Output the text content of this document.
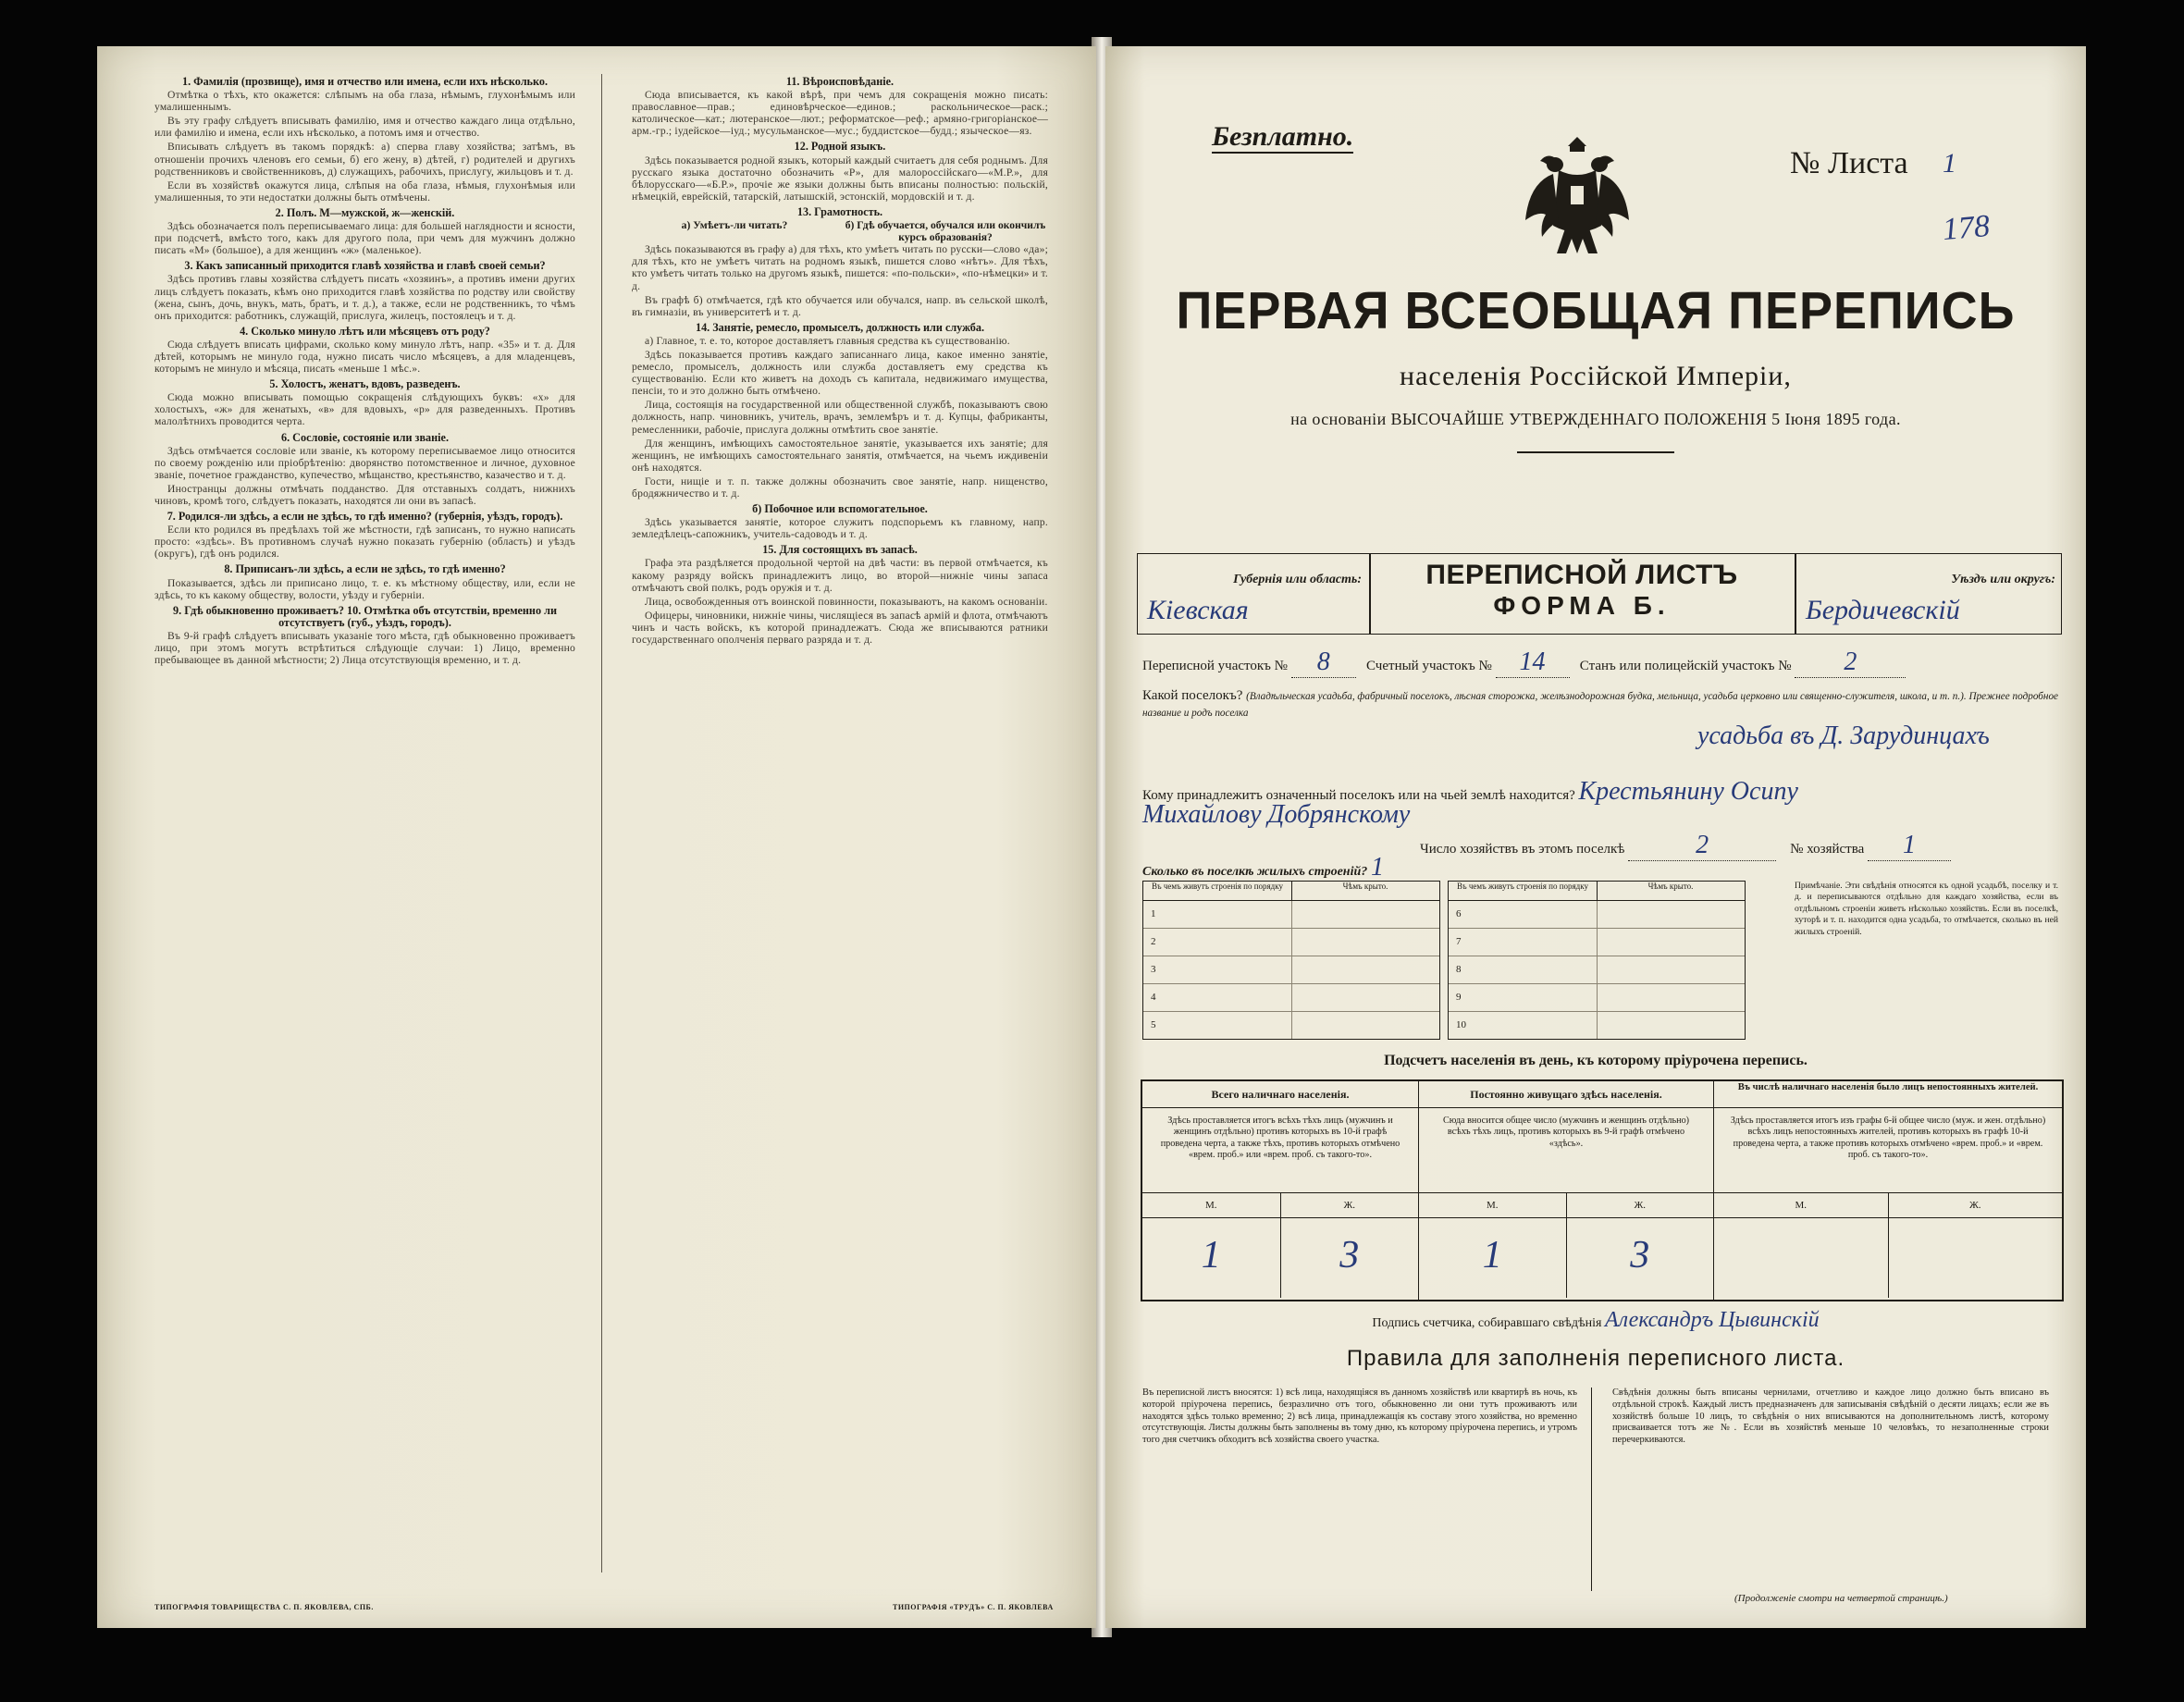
1. Фамилія (прозвище), имя и отчество или имена, если ихъ нѣсколько.

Отмѣтка о тѣхъ, кто окажется: слѣпымъ на оба глаза, нѣмымъ, глухонѣмымъ или умалишеннымъ.

Въ эту графу слѣдуетъ вписывать фамилію, имя и отчество каждаго лица отдѣльно, или фамилію и имена, если ихъ нѣсколько, а потомъ имя и отчество.

Вписывать слѣдуетъ въ такомъ порядкѣ: а) сперва главу хозяйства; затѣмъ, въ отношеніи прочихъ членовъ его семьи, б) его жену, в) дѣтей, г) родителей и другихъ родственниковъ и свойственниковъ, д) служащихъ, рабочихъ, прислугу, жильцовъ и т. д.

Если въ хозяйствѣ окажутся лица, слѣпыя на оба глаза, нѣмыя, глухонѣмыя или умалишенныя, то эти недостатки должны быть отмѣчены.

2. Полъ. М—мужской, ж—женскій.

Здѣсь обозначается полъ переписываемаго лица: для большей наглядности и ясности, при подсчетѣ, вмѣсто того, какъ для другого пола, при чемъ для мужчинъ должно писать «М» (большое), а для женщинъ «ж» (маленькое).

3. Какъ записанный приходится главѣ хозяйства и главѣ своей семьи?

Здѣсь противъ главы хозяйства слѣдуетъ писать «хозяинъ», а противъ имени других лицъ слѣдуетъ показать, кѣмъ оно приходится главѣ хозяйства по родству или свойству (жена, сынъ, дочь, внукъ, мать, братъ, и т. д.), а также, если не родственникъ, то чѣмъ онъ приходится: работникъ, служащій, прислуга, жилецъ, постоялецъ и т. д.

4. Сколько минуло лѣтъ или мѣсяцевъ отъ роду?

Сюда слѣдуетъ вписать цифрами, сколько кому минуло лѣтъ, напр. «35» и т. д. Для дѣтей, которымъ не минуло года, нужно писать число мѣсяцевъ, а для младенцевъ, которымъ не минуло и мѣсяца, писать «меньше 1 мѣс.».

5. Холостъ, женатъ, вдовъ, разведенъ.

Сюда можно вписывать помощью сокращенія слѣдующихъ буквъ: «х» для холостыхъ, «ж» для женатыхъ, «в» для вдовыхъ, «р» для разведенныхъ. Противъ малолѣтнихъ проводится черта.

6. Сословіе, состояніе или званіе.

Здѣсь отмѣчается сословіе или званіе, къ которому переписываемое лицо относится по своему рожденію или пріобрѣтенію: дворянство потомственное и личное, духовное званіе, почетное гражданство, купечество, мѣщанство, крестьянство, казачество и т. д.

Иностранцы должны отмѣчать подданство. Для отставныхъ солдатъ, нижнихъ чиновъ, кромѣ того, слѣдуетъ показать, находятся ли они въ запасѣ.

7. Родился-ли здѣсь, а если не здѣсь, то гдѣ именно? (губернія, уѣздъ, городъ).

Если кто родился въ предѣлахъ той же мѣстности, гдѣ записанъ, то нужно написать просто: «здѣсь». Въ противномъ случаѣ нужно показать губернію (область) и уѣздъ (округъ), гдѣ онъ родился.

8. Приписанъ-ли здѣсь, а если не здѣсь, то гдѣ именно?

Показывается, здѣсь ли приписано лицо, т. е. къ мѣстному обществу, или, если не здѣсь, то къ какому обществу, волости, уѣзду и губерніи.

9. Гдѣ обыкновенно проживаетъ? 10. Отмѣтка объ отсутствіи, временно ли отсутствуетъ (губ., уѣздъ, городъ).

Въ 9-й графѣ слѣдуетъ вписывать указаніе того мѣста, гдѣ обыкновенно проживаетъ лицо, при этомъ могутъ встрѣтиться слѣдующіе случаи: 1) Лицо, временно пребывающее въ данной мѣстности; 2) Лица отсутствующія временно, и т. д.

11. Вѣроисповѣданіе.

Сюда вписывается, къ какой вѣрѣ, при чемъ для сокращенія можно писать: православное—прав.; единовѣрческое—единов.; раскольническое—раск.; католическое—кат.; лютеранское—лют.; реформатское—реф.; армяно-григоріанское—арм.-гр.; іудейское—іуд.; мусульманское—мус.; буддистское—будд.; языческое—яз.

12. Родной языкъ.

Здѣсь показывается родной языкъ, который каждый считаетъ для себя роднымъ. Для русскаго языка достаточно обозначить «Р», для малороссійскаго—«М.Р.», для бѣлорусскаго—«Б.Р.», прочіе же языки должны быть вписаны полностью: польскій, нѣмецкій, еврейскій, татарскій, латышскій, эстонскій, мордовскій и т. д.

13. Грамотность.
а) Умѣетъ-ли читать?	б) Гдѣ обучается, обучался или окончилъ курсъ образованія?

Здѣсь показываются въ графу а) для тѣхъ, кто умѣетъ читать по русски—слово «да»; для тѣхъ, кто не умѣетъ читать на родномъ языкѣ, пишется слово «нѣтъ». Для тѣхъ, кто умѣетъ читать только на другомъ языкѣ, пишется: «по-польски», «по-нѣмецки» и т. д.

Въ графѣ б) отмѣчается, гдѣ кто обучается или обучался, напр. въ сельской школѣ, въ гимназіи, въ университетѣ и т. д.

14. Занятіе, ремесло, промыселъ, должность или служба.

а) Главное, т. е. то, которое доставляетъ главныя средства къ существованію.

Здѣсь показывается противъ каждаго записаннаго лица, какое именно занятіе, ремесло, промыселъ, должность или служба доставляетъ ему средства къ существованію. Если кто живетъ на доходъ съ капитала, недвижимаго имущества, пенсіи, то и это должно быть отмѣчено.

Лица, состоящія на государственной или общественной службѣ, показываютъ свою должность, напр. чиновникъ, учитель, врачъ, землемѣръ и т. д. Купцы, фабриканты, ремесленники, рабочіе, прислуга должны отмѣтить свое занятіе.

Для женщинъ, имѣющихъ самостоятельное занятіе, указывается ихъ занятіе; для женщинъ, не имѣющихъ самостоятельнаго занятія, отмѣчается, на чьемъ иждивеніи онѣ находятся.

Гости, нищіе и т. п. также должны обозначить свое занятіе, напр. нищенство, бродяжничество и т. д.

б) Побочное или вспомогательное.

Здѣсь указывается занятіе, которое служитъ подспорьемъ къ главному, напр. земледѣлецъ-сапожникъ, учитель-садоводъ и т. д.

15. Для состоящихъ въ запасѣ.

Графа эта раздѣляется продольной чертой на двѣ части: въ первой отмѣчается, къ какому разряду войскъ принадлежитъ лицо, во второй—нижніе чины запаса отмѣчаютъ свой полкъ, родъ оружія и т. д.

Лица, освобожденныя отъ воинской повинности, показываютъ, на какомъ основаніи.

Офицеры, чиновники, нижніе чины, числящіеся въ запасѣ армій и флота, отмѣчаютъ чинъ и часть войскъ, къ которой принадлежатъ. Сюда же вписываются ратники государственнаго ополченія перваго разряда и т. д.

ТИПОГРАФІЯ ТОВАРИЩЕСТВА С. П. ЯКОВЛЕВА, СПБ.	ТИПОГРАФІЯ «ТРУДЪ» С. П. ЯКОВЛЕВА
Безплатно.
№ Листа 1
178
ПЕРВАЯ ВСЕОБЩАЯ ПЕРЕПИСЬ
населенія Россійской Имперіи,
на основаніи ВЫСОЧАЙШЕ УТВЕРЖДЕННАГО ПОЛОЖЕНІЯ 5 Іюня 1895 года.
Губернія или область:
Кіевская
ПЕРЕПИСНОЙ ЛИСТЪ
ФОРМА Б.
Уѣздъ или округъ:
Бердичевскій
Переписной участокъ № 8	Счетный участокъ № 14 Станъ или полицейскій участокъ № 2
Какой поселокъ? (Владѣльческая усадьба, фабричный поселокъ, лѣсная сторожка, желѣзнодорожная будка, мельница, усадьба церковно или священно-служителя, школа, и т. п.). Прежнее подробное название и родъ поселка
усадьба въ Д. Зарудинцахъ
Кому принадлежитъ означенный поселокъ или на чьей землѣ находится? Крестьянину Осипу
Михайлову Добрянскому
Число хозяйствъ въ этомъ поселкѣ	2	№ хозяйства 1
Сколько въ поселкѣ жилыхъ строеній? 1
Въ чемъ живутъ строенія по порядку	Чѣмъ крыто.
1
2
3
4
5
Въ чемъ живутъ строенія по порядку	Чѣмъ крыто.
6
7
8
9
10
Примѣчаніе. Эти свѣдѣнія относятся къ одной усадьбѣ, поселку и т. д. и переписываются отдѣльно для каждаго хозяйства, если въ отдѣльномъ строеніи живетъ нѣсколько хозяйствъ. Если въ поселкѣ, хуторѣ и т. п. находится одна усадьба, то отмѣчается, сколько въ ней жилыхъ строеній.
Подсчетъ населенія въ день, къ которому пріурочена перепись.
Всего наличнаго населенія.
Здѣсь проставляется итогъ всѣхъ тѣхъ лицъ (мужчинъ и женщинъ отдѣльно) противъ которыхъ въ 10-й графѣ проведена черта, а также тѣхъ, противъ которыхъ отмѣчено «врем. проб.» или «врем. проб. съ такого-то».
М.	Ж.
1	3
Постоянно живущаго здѣсь населенія.
Сюда вносится общее число (мужчинъ и женщинъ отдѣльно) всѣхъ тѣхъ лицъ, противъ которыхъ въ 9-й графѣ отмѣчено «здѣсь».
М.	Ж.
1	3
Въ числѣ наличнаго населенія было лицъ непостоянныхъ жителей.
Здѣсь проставляется итогъ изъ графы 6-й общее число (муж. и жен. отдѣльно) всѣхъ лицъ непостоянныхъ жителей, противъ которыхъ въ графѣ 10-й проведена черта, а также противъ которыхъ отмѣчено «врем. проб.» и «врем. проб. съ такого-то».
М.	Ж.
Подпись счетчика, собиравшаго свѣдѣнія Александръ Цывинскій
Правила для заполненія переписного листа.
Въ переписной листъ вносятся: 1) всѣ лица, находящіяся въ данномъ хозяйствѣ или квартирѣ въ ночь, къ которой пріурочена перепись, безразлично отъ того, обыкновенно ли они тутъ проживаютъ или находятся здѣсь только временно; 2) всѣ лица, принадлежащія къ составу этого хозяйства, но временно отсутствующія. Листы должны быть заполнены въ тому дню, къ которому пріурочена перепись, и утромъ того дня счетчикъ обходитъ всѣ хозяйства своего участка.
Свѣдѣнія должны быть вписаны чернилами, отчетливо и каждое лицо должно быть вписано въ отдѣльной строкѣ. Каждый листъ предназначенъ для записыванія свѣдѣній о десяти лицахъ; если же въ хозяйствѣ больше 10 лицъ, то свѣдѣнія о них вписываются на дополнительномъ листѣ, которому присваивается тотъ же №. Если въ хозяйствѣ меньше 10 человѣкъ, то незаполненные строки перечеркиваются.
(Продолженіе смотри на четвертой страницѣ.)
